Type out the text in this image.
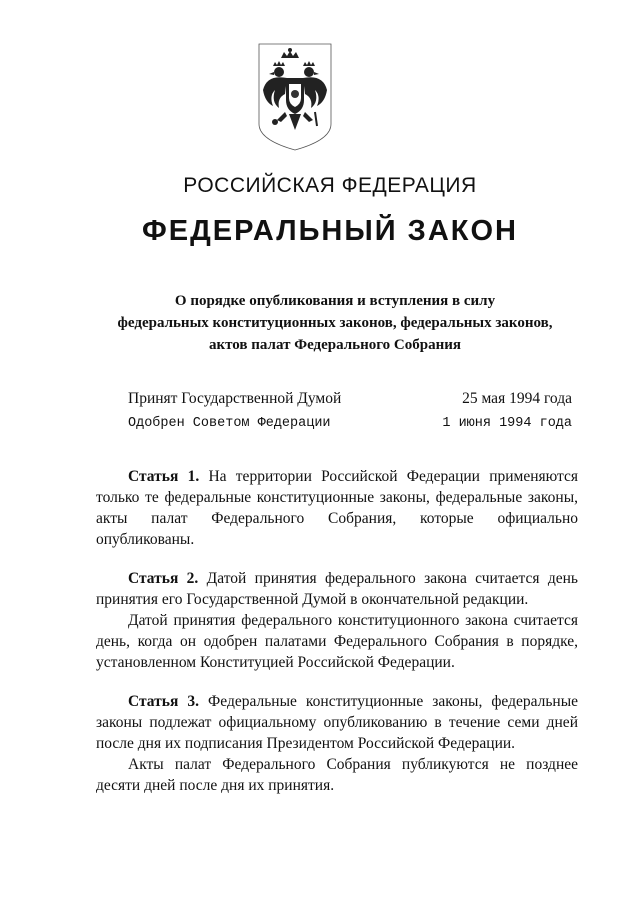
РОССИЙСКАЯ ФЕДЕРАЦИЯ
ФЕДЕРАЛЬНЫЙ ЗАКОН
О порядке опубликования и вступления в силу
федеральных конституционных законов, федеральных законов,
актов палат Федерального Собрания
Принят Государственной Думой	25 мая 1994 года
Одобрен Советом Федерации	1 июня 1994 года

Статья 1. На территории Российской Федерации применяются только те федеральные конституционные законы, федеральные законы, акты палат Федерального Собрания, которые официально опубликованы.

Статья 2. Датой принятия федерального закона считается день принятия его Государственной Думой в окончательной редакции.

Датой принятия федерального конституционного закона считается день, когда он одобрен палатами Федерального Собрания в порядке, установленном Конституцией Российской Федерации.

Статья 3. Федеральные конституционные законы, федеральные законы подлежат официальному опубликованию в течение семи дней после дня их подписания Президентом Российской Федерации.

Акты палат Федерального Собрания публикуются не позднее десяти дней после дня их принятия.
